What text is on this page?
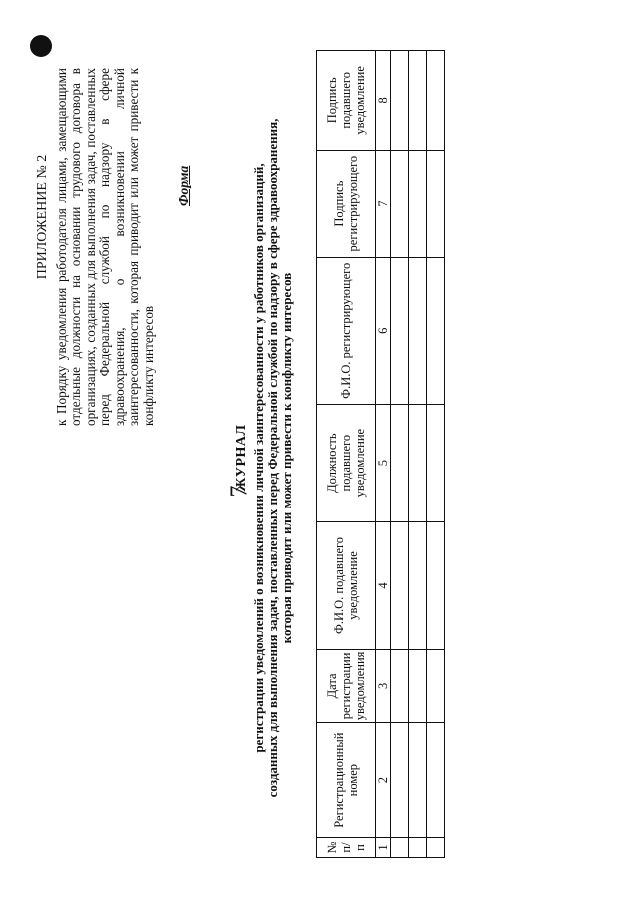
7
ПРИЛОЖЕНИЕ № 2 к Порядку уведомления работодателя лицами, замещающими отдельные должности на основании трудового договора в организациях, созданных для выполнения задач, поставленных перед Федеральной службой по надзору в сфере здравоохранения, о возникновении личной заинтересованности, которая приводит или может привести к конфликту интересов
Форма
ЖУРНАЛ регистрации уведомлений о возникновении личной заинтересованности у работников организаций, созданных для выполнения задач, поставленных перед Федеральной службой по надзору в сфере здравоохранения, которая приводит или может привести к конфликту интересов
№ п/п	Регистрационный номер	Дата регистрации уведомления	Ф.И.О. подавшего уведомление	Должность подавшего уведомление	Ф.И.О. регистрирующего	Подпись регистрирующего	Подпись подавшего уведомление
1	2	3	4	5	6	7	8
